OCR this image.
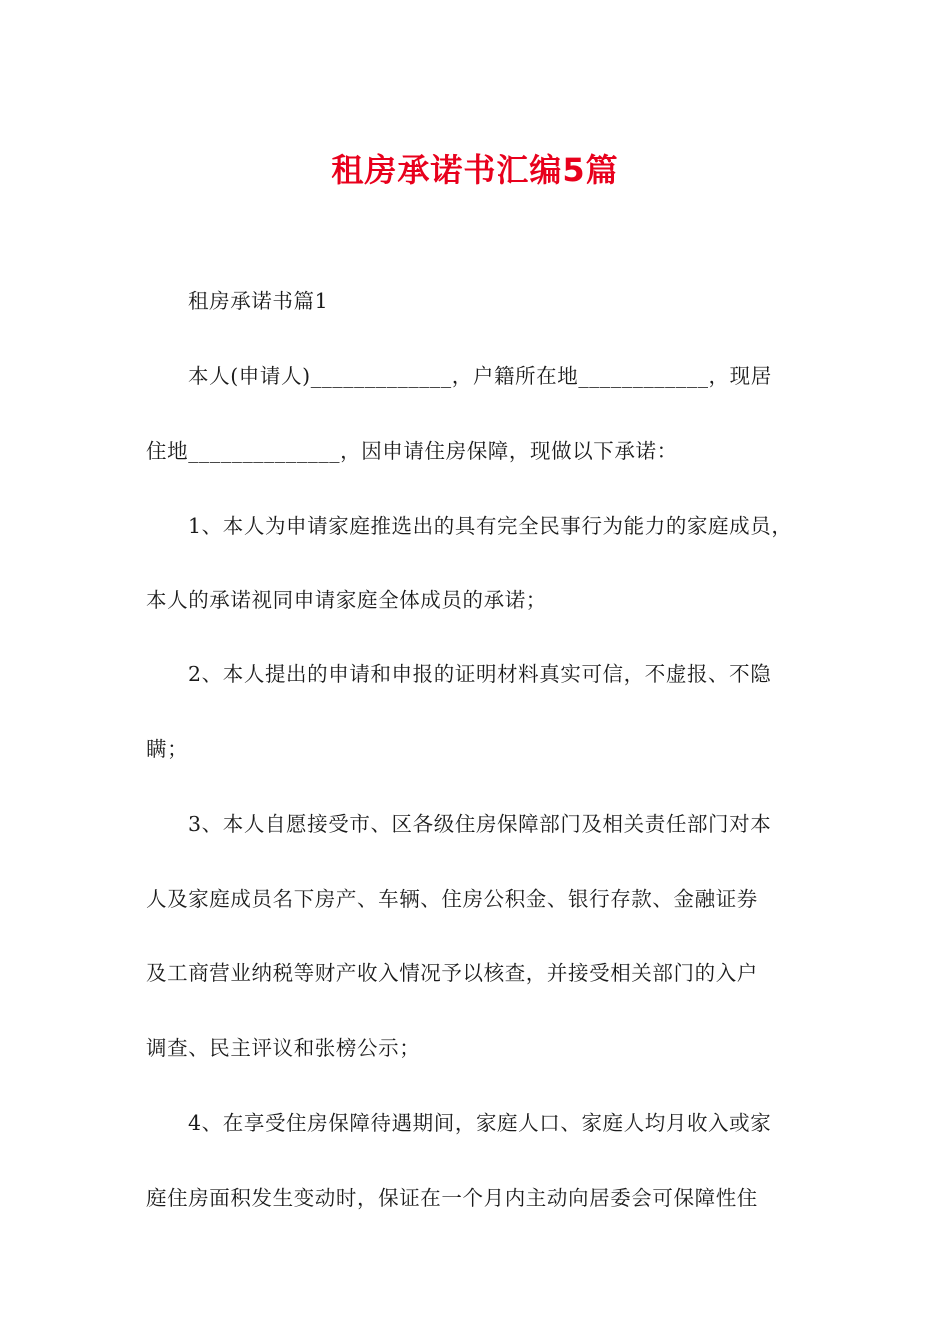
租房承诺书汇编5篇
租房承诺书篇1
本人(申请人)_____________，户籍所在地____________，现居
住地______________，因申请住房保障，现做以下承诺：
1、本人为申请家庭推选出的具有完全民事行为能力的家庭成员，
本人的承诺视同申请家庭全体成员的承诺；
2、本人提出的申请和申报的证明材料真实可信，不虚报、不隐
瞒；
3、本人自愿接受市、区各级住房保障部门及相关责任部门对本
人及家庭成员名下房产、车辆、住房公积金、银行存款、金融证券
及工商营业纳税等财产收入情况予以核查，并接受相关部门的入户
调查、民主评议和张榜公示；
4、在享受住房保障待遇期间，家庭人口、家庭人均月收入或家
庭住房面积发生变动时，保证在一个月内主动向居委会可保障性住
